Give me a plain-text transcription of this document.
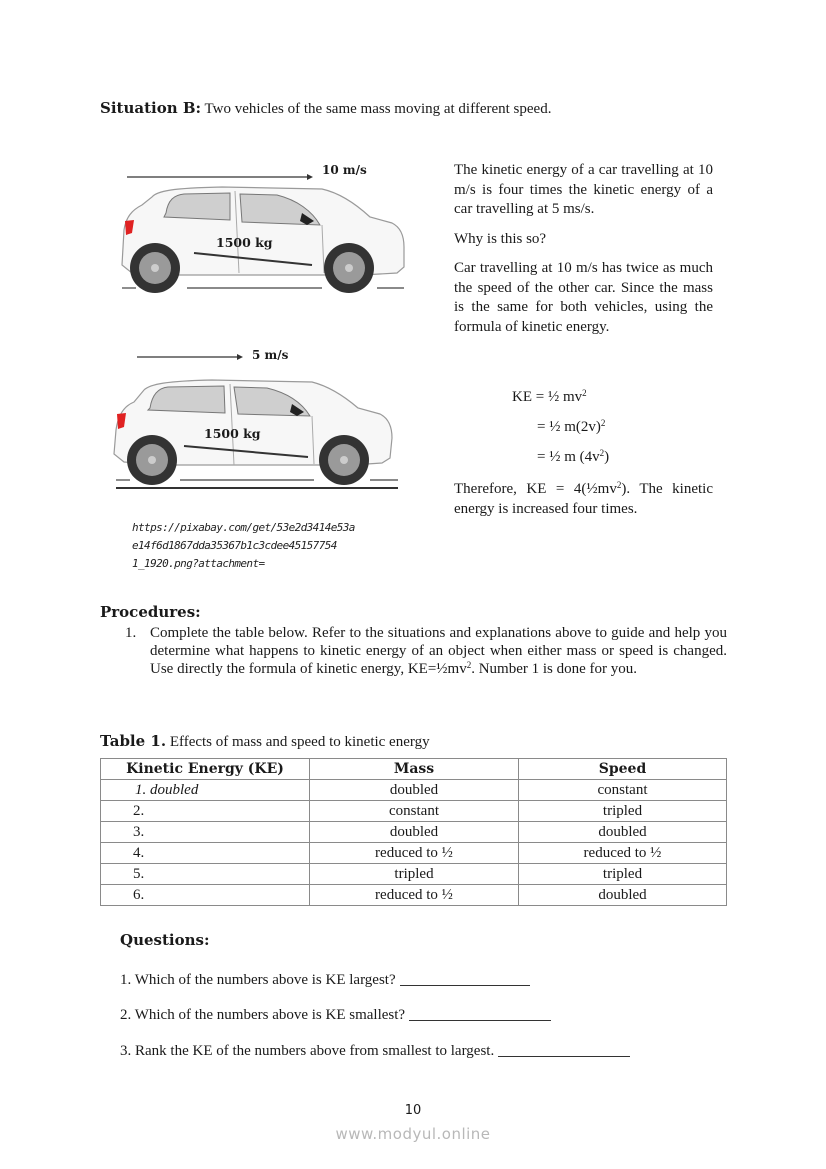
Situation B: Two vehicles of the same mass moving at different speed.
10 m/s
1500 kg
5 m/s
1500 kg
https://pixabay.com/get/53e2d3414e53a
e14f6d1867dda35367b1c3cdee45157754
1_1920.png?attachment=

The kinetic energy of a car travelling at 10 m/s is four times the kinetic energy of a car travelling at 5 ms/s.

Why is this so?

Car travelling at 10 m/s has twice as much the speed of the other car. Since the mass is the same for both vehicles, using the formula of kinetic energy.

KE = ½ $mv^2$
= ½ $m(2v)^2$
= ½ m $(4v^2)$
Therefore, KE = $4(\frac{1}{2}mv^2)$. The kinetic energy is increased four times.
Procedures:
1. Complete the table below. Refer to the situations and explanations above to guide and help you determine what happens to kinetic energy of an object when either mass or speed is changed. Use directly the formula of kinetic energy, $KE=\frac{1}{2}mv^2$. Number 1 is done for you.
Table 1. Effects of mass and speed to kinetic energy
Kinetic Energy (KE)	Mass	Speed
1. doubled	doubled	constant
2.	constant	tripled
3.	doubled	doubled
4.	reduced to ½	reduced to ½
5.	tripled	tripled
6.	reduced to ½	doubled
Questions:
1. Which of the numbers above is KE largest?
2. Which of the numbers above is KE smallest?
3. Rank the KE of the numbers above from smallest to largest.
10
www.modyul.online
